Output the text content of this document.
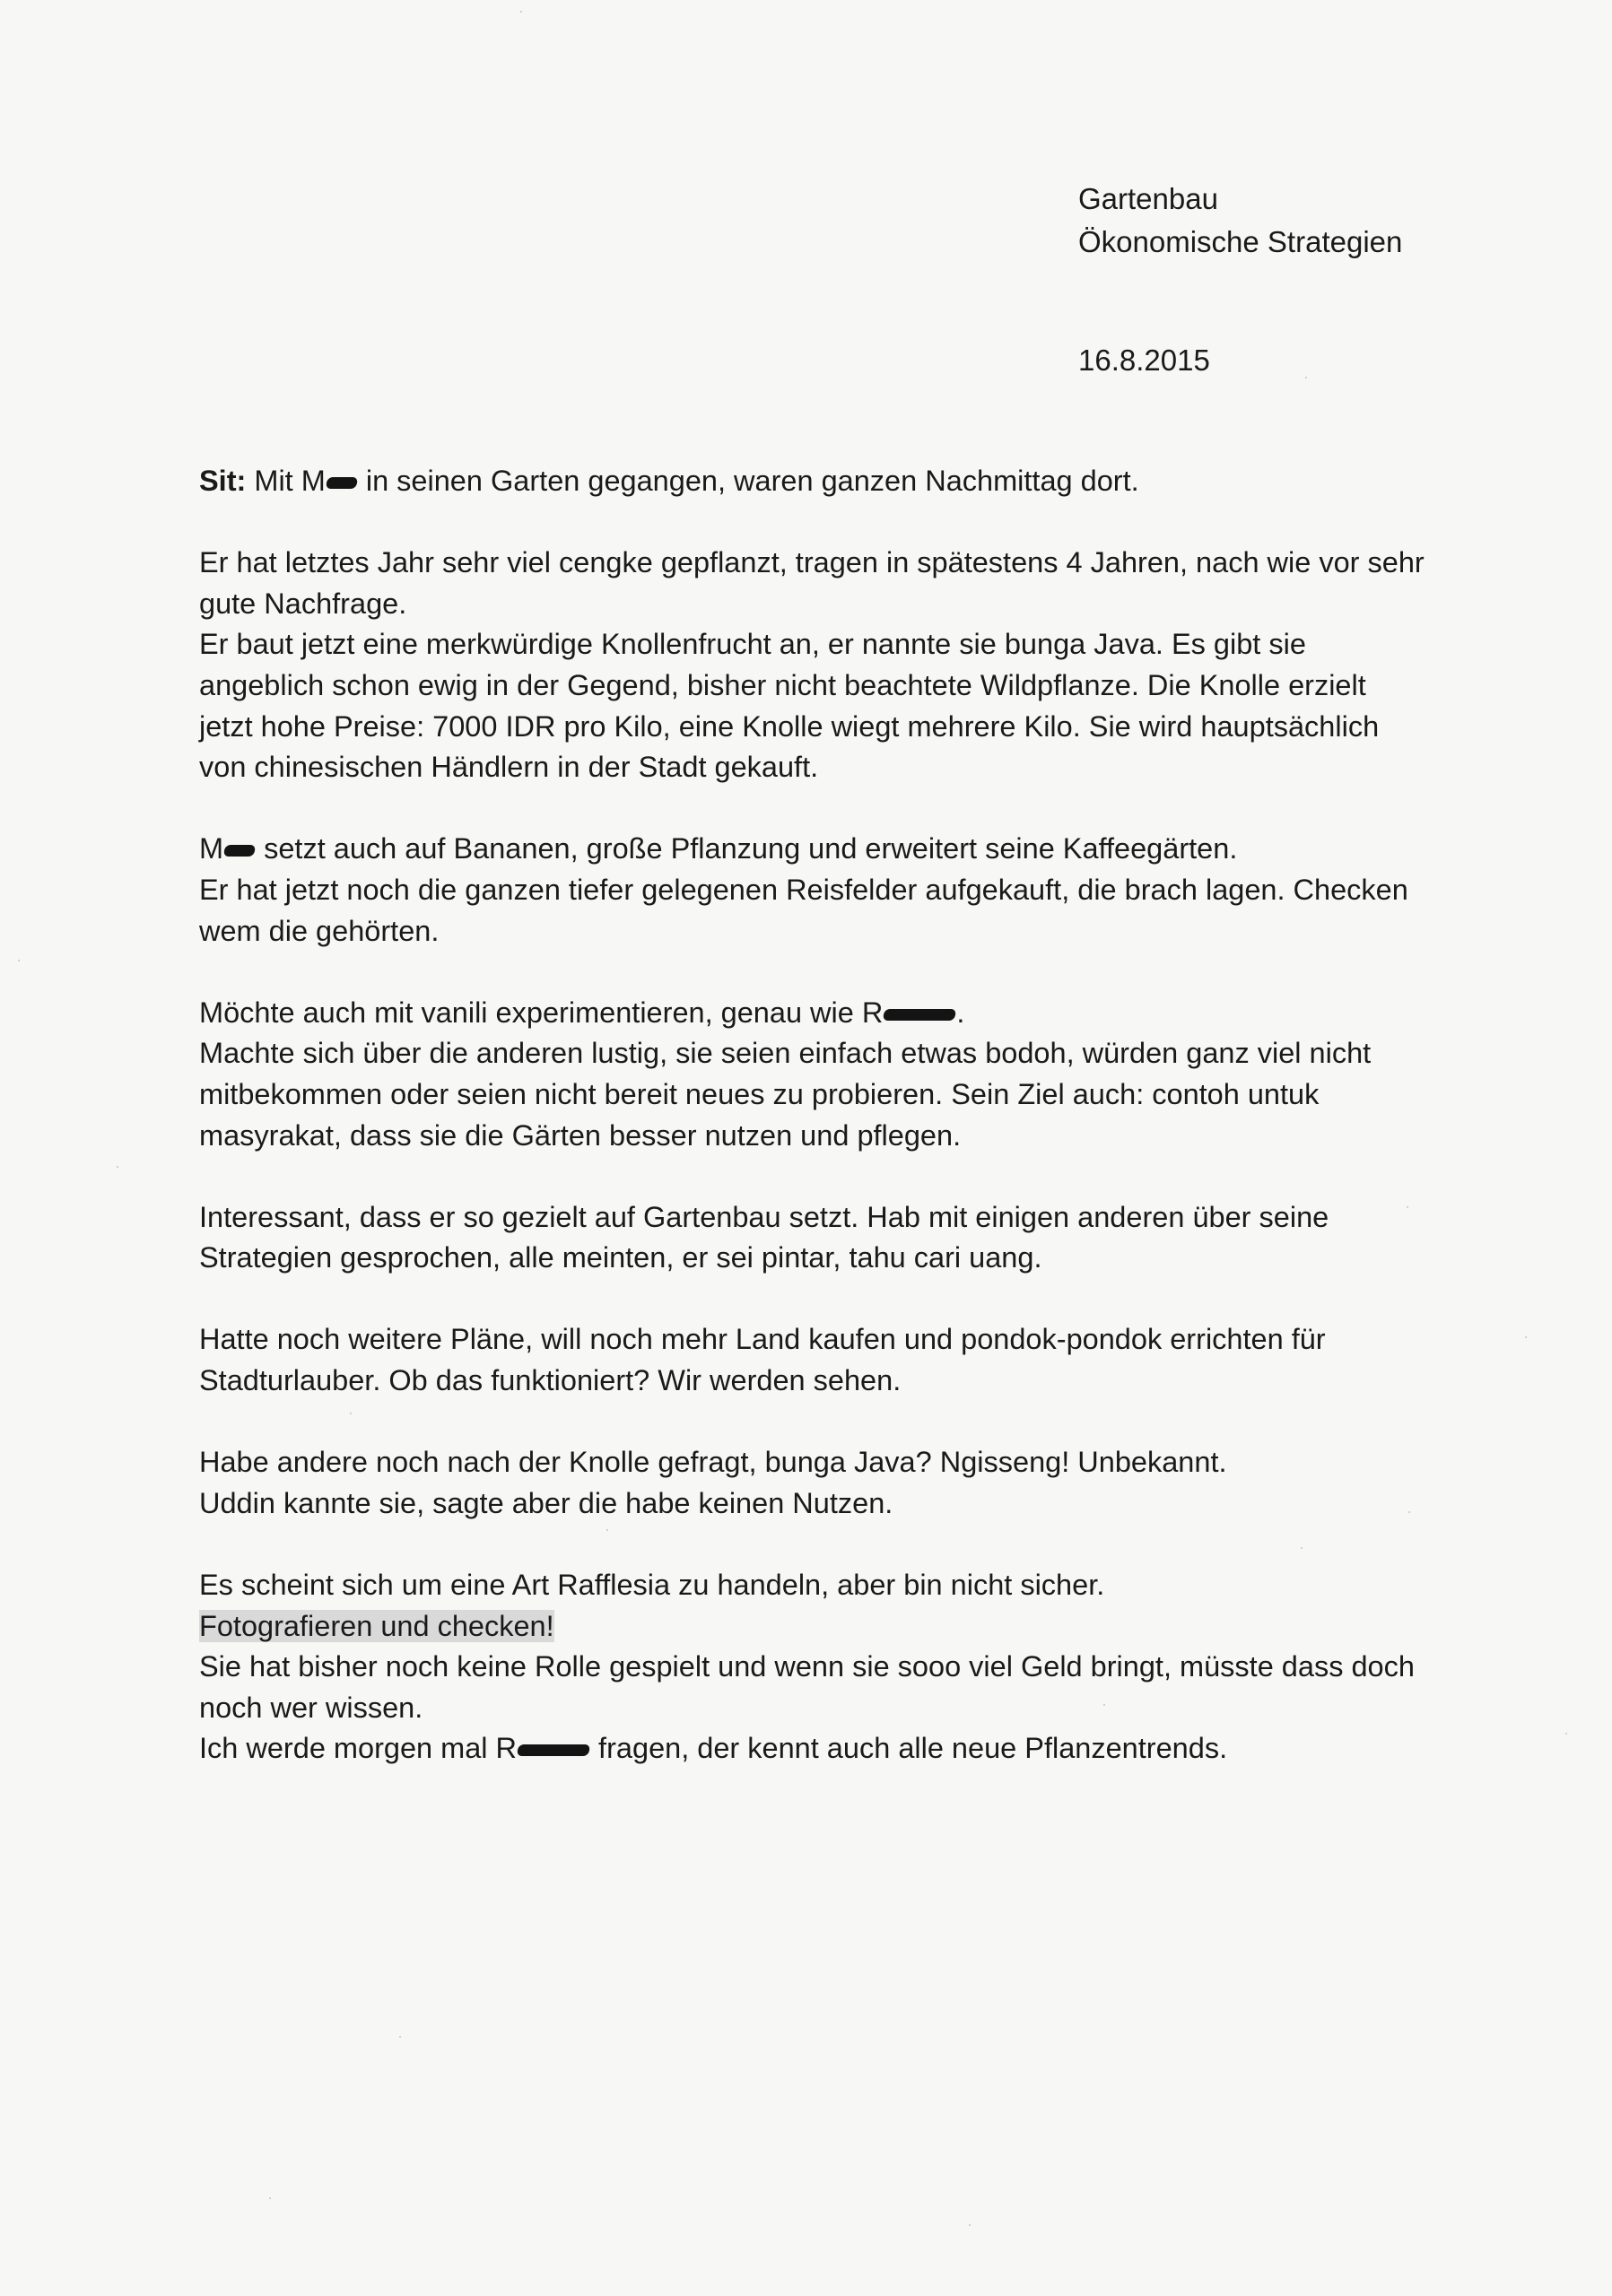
Gartenbau
Ökonomische Strategien
16.8.2015
Sit: Mit M in seinen Garten gegangen, waren ganzen Nachmittag dort.
Er hat letztes Jahr sehr viel cengke gepflanzt, tragen in spätestens 4 Jahren, nach wie vor sehr
gute Nachfrage.
Er baut jetzt eine merkwürdige Knollenfrucht an, er nannte sie bunga Java. Es gibt sie
angeblich schon ewig in der Gegend, bisher nicht beachtete Wildpflanze. Die Knolle erzielt
jetzt hohe Preise: 7000 IDR pro Kilo, eine Knolle wiegt mehrere Kilo. Sie wird hauptsächlich
von chinesischen Händlern in der Stadt gekauft.
M setzt auch auf Bananen, große Pflanzung und erweitert seine Kaffeegärten.
Er hat jetzt noch die ganzen tiefer gelegenen Reisfelder aufgekauft, die brach lagen. Checken
wem die gehörten.
Möchte auch mit vanili experimentieren, genau wie R	.
Machte sich über die anderen lustig, sie seien einfach etwas bodoh, würden ganz viel nicht
mitbekommen oder seien nicht bereit neues zu probieren. Sein Ziel auch: contoh untuk
masyrakat, dass sie die Gärten besser nutzen und pflegen.
Interessant, dass er so gezielt auf Gartenbau setzt. Hab mit einigen anderen über seine
Strategien gesprochen, alle meinten, er sei pintar, tahu cari uang.
Hatte noch weitere Pläne, will noch mehr Land kaufen und pondok-pondok errichten für
Stadturlauber. Ob das funktioniert? Wir werden sehen.
Habe andere noch nach der Knolle gefragt, bunga Java? Ngisseng! Unbekannt.
Uddin kannte sie, sagte aber die habe keinen Nutzen.
Es scheint sich um eine Art Rafflesia zu handeln, aber bin nicht sicher.
Fotografieren und checken!
Sie hat bisher noch keine Rolle gespielt und wenn sie sooo viel Geld bringt, müsste dass doch
noch wer wissen.
Ich werde morgen mal R	fragen, der kennt auch alle neue Pflanzentrends.
